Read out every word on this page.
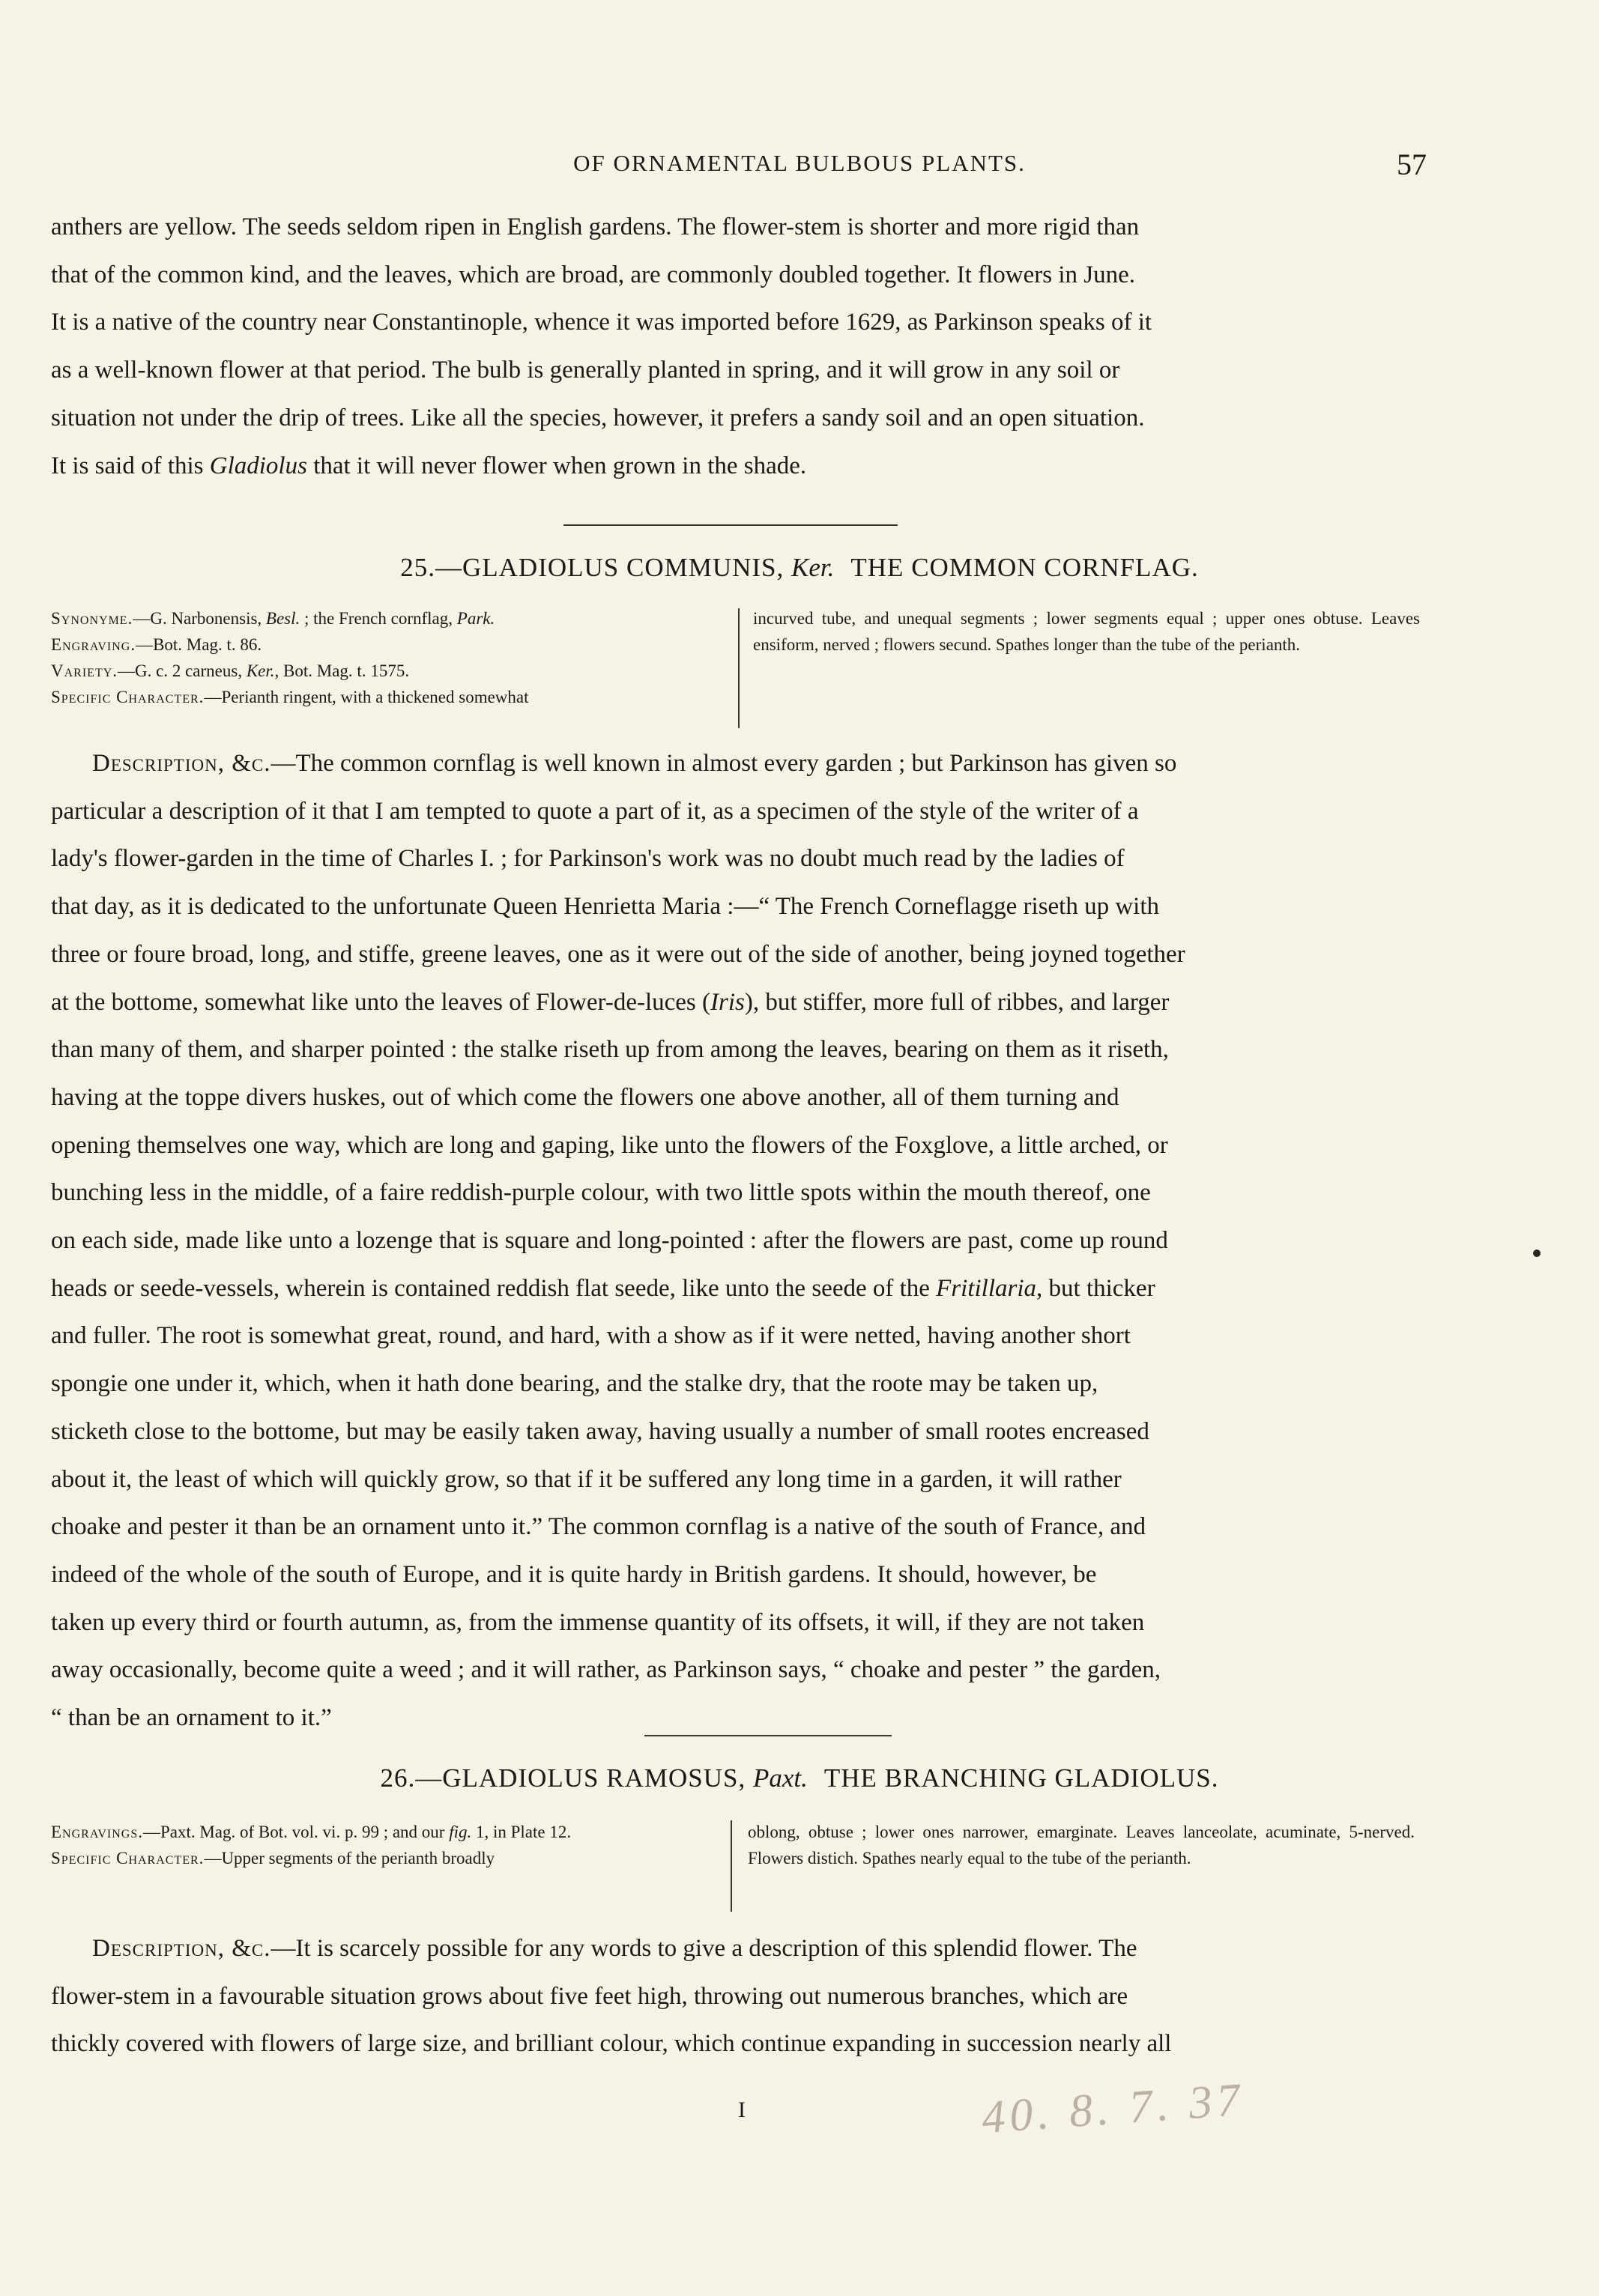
OF ORNAMENTAL BULBOUS PLANTS.	57
anthers are yellow. The seeds seldom ripen in English gardens. The flower-stem is shorter and more rigid than
that of the common kind, and the leaves, which are broad, are commonly doubled together. It flowers in June.
It is a native of the country near Constantinople, whence it was imported before 1629, as Parkinson speaks of it
as a well-known flower at that period. The bulb is generally planted in spring, and it will grow in any soil or
situation not under the drip of trees. Like all the species, however, it prefers a sandy soil and an open situation.
It is said of this Gladiolus that it will never flower when grown in the shade.
25.—GLADIOLUS COMMUNIS, Ker. THE COMMON CORNFLAG.

Synonyme.—G. Narbonensis, Besl. ; the French cornflag, Park.

Engraving.—Bot. Mag. t. 86.

Variety.—G. c. 2 carneus, Ker., Bot. Mag. t. 1575.

Specific Character.—Perianth ringent, with a thickened somewhat

incurved tube, and unequal segments ; lower segments equal ; upper ones obtuse. Leaves ensiform, nerved ; flowers secund. Spathes longer than the tube of the perianth.

Description, &c.—The common cornflag is well known in almost every garden ; but Parkinson has given so
particular a description of it that I am tempted to quote a part of it, as a specimen of the style of the writer of a
lady's flower-garden in the time of Charles I. ; for Parkinson's work was no doubt much read by the ladies of
that day, as it is dedicated to the unfortunate Queen Henrietta Maria :—“ The French Corneflagge riseth up with
three or foure broad, long, and stiffe, greene leaves, one as it were out of the side of another, being joyned together
at the bottome, somewhat like unto the leaves of Flower-de-luces (Iris), but stiffer, more full of ribbes, and larger
than many of them, and sharper pointed : the stalke riseth up from among the leaves, bearing on them as it riseth,
having at the toppe divers huskes, out of which come the flowers one above another, all of them turning and
opening themselves one way, which are long and gaping, like unto the flowers of the Foxglove, a little arched, or
bunching less in the middle, of a faire reddish-purple colour, with two little spots within the mouth thereof, one
on each side, made like unto a lozenge that is square and long-pointed : after the flowers are past, come up round
heads or seede-vessels, wherein is contained reddish flat seede, like unto the seede of the Fritillaria, but thicker
and fuller. The root is somewhat great, round, and hard, with a show as if it were netted, having another short
spongie one under it, which, when it hath done bearing, and the stalke dry, that the roote may be taken up,
sticketh close to the bottome, but may be easily taken away, having usually a number of small rootes encreased
about it, the least of which will quickly grow, so that if it be suffered any long time in a garden, it will rather
choake and pester it than be an ornament unto it.” The common cornflag is a native of the south of France, and
indeed of the whole of the south of Europe, and it is quite hardy in British gardens. It should, however, be
taken up every third or fourth autumn, as, from the immense quantity of its offsets, it will, if they are not taken
away occasionally, become quite a weed ; and it will rather, as Parkinson says, “ choake and pester ” the garden,
“ than be an ornament to it.”
26.—GLADIOLUS RAMOSUS, Paxt. THE BRANCHING GLADIOLUS.

Engravings.—Paxt. Mag. of Bot. vol. vi. p. 99 ; and our fig. 1, in Plate 12.

Specific Character.—Upper segments of the perianth broadly

oblong, obtuse ; lower ones narrower, emarginate. Leaves lanceolate, acuminate, 5-nerved. Flowers distich. Spathes nearly equal to the tube of the perianth.

Description, &c.—It is scarcely possible for any words to give a description of this splendid flower. The
flower-stem in a favourable situation grows about five feet high, throwing out numerous branches, which are
thickly covered with flowers of large size, and brilliant colour, which continue expanding in succession nearly all
I	40. 8. 7. 37
